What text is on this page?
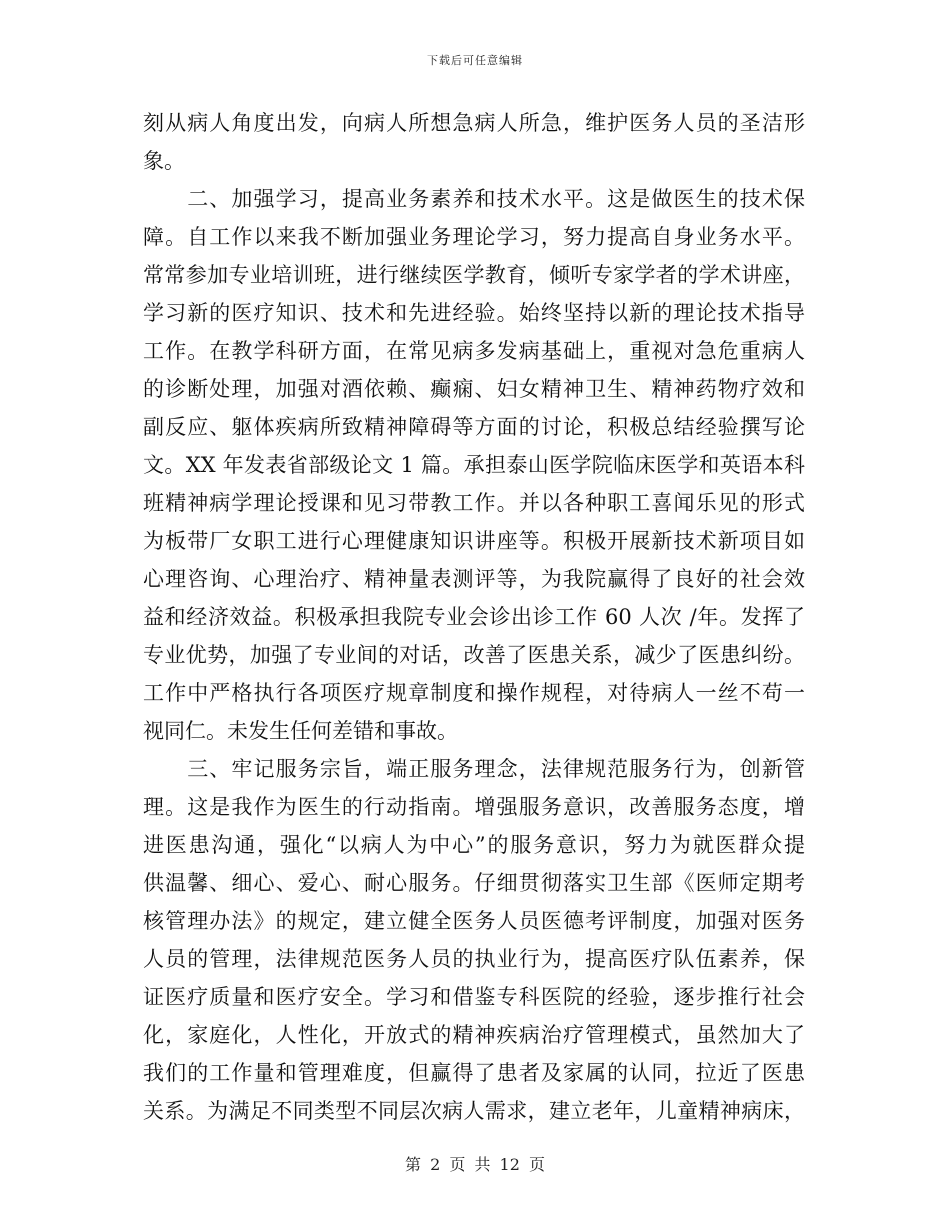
下载后可任意编辑
刻从病人角度出发，向病人所想急病人所急，维护医务人员的圣洁形
象。
　　二、加强学习，提高业务素养和技术水平。这是做医生的技术保
障。自工作以来我不断加强业务理论学习，努力提高自身业务水平。
常常参加专业培训班，进行继续医学教育，倾听专家学者的学术讲座，
学习新的医疗知识、技术和先进经验。始终坚持以新的理论技术指导
工作。在教学科研方面，在常见病多发病基础上，重视对急危重病人
的诊断处理，加强对酒依赖、癫痫、妇女精神卫生、精神药物疗效和
副反应、躯体疾病所致精神障碍等方面的讨论，积极总结经验撰写论
文。XX 年发表省部级论文 1 篇。承担泰山医学院临床医学和英语本科
班精神病学理论授课和见习带教工作。并以各种职工喜闻乐见的形式
为板带厂女职工进行心理健康知识讲座等。积极开展新技术新项目如
心理咨询、心理治疗、精神量表测评等，为我院赢得了良好的社会效
益和经济效益。积极承担我院专业会诊出诊工作 60 人次 /年。发挥了
专业优势，加强了专业间的对话，改善了医患关系，减少了医患纠纷。
工作中严格执行各项医疗规章制度和操作规程，对待病人一丝不苟一
视同仁。未发生任何差错和事故。
　　三、牢记服务宗旨，端正服务理念，法律规范服务行为，创新管
理。这是我作为医生的行动指南。增强服务意识，改善服务态度，增
进医患沟通，强化“以病人为中心”的服务意识，努力为就医群众提
供温馨、细心、爱心、耐心服务。仔细贯彻落实卫生部《医师定期考
核管理办法》的规定，建立健全医务人员医德考评制度，加强对医务
人员的管理，法律规范医务人员的执业行为，提高医疗队伍素养，保
证医疗质量和医疗安全。学习和借鉴专科医院的经验，逐步推行社会
化，家庭化，人性化，开放式的精神疾病治疗管理模式，虽然加大了
我们的工作量和管理难度，但赢得了患者及家属的认同，拉近了医患
关系。为满足不同类型不同层次病人需求，建立老年，儿童精神病床，
第 2 页 共 12 页
